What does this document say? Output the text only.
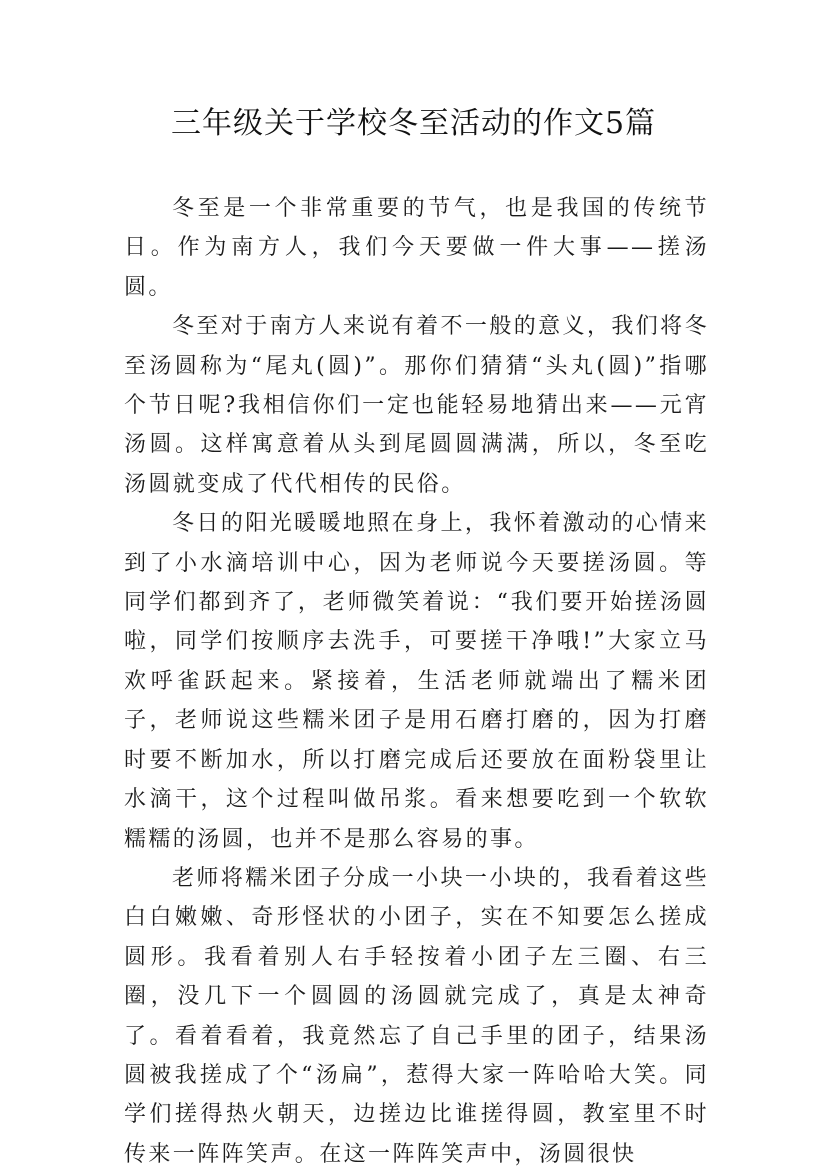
三年级关于学校冬至活动的作文5篇

冬至是一个非常重要的节气，也是我国的传统节日。作为南方人，我们今天要做一件大事——搓汤圆。

冬至对于南方人来说有着不一般的意义，我们将冬至汤圆称为“尾丸(圆)”。那你们猜猜“头丸(圆)”指哪个节日呢?我相信你们一定也能轻易地猜出来——元宵汤圆。这样寓意着从头到尾圆圆满满，所以，冬至吃汤圆就变成了代代相传的民俗。

冬日的阳光暖暖地照在身上，我怀着激动的心情来到了小水滴培训中心，因为老师说今天要搓汤圆。等同学们都到齐了，老师微笑着说：“我们要开始搓汤圆啦，同学们按顺序去洗手，可要搓干净哦!”大家立马欢呼雀跃起来。紧接着，生活老师就端出了糯米团子，老师说这些糯米团子是用石磨打磨的，因为打磨时要不断加水，所以打磨完成后还要放在面粉袋里让水滴干，这个过程叫做吊浆。看来想要吃到一个软软糯糯的汤圆，也并不是那么容易的事。

老师将糯米团子分成一小块一小块的，我看着这些白白嫩嫩、奇形怪状的小团子，实在不知要怎么搓成圆形。我看着别人右手轻按着小团子左三圈、右三圈，没几下一个圆圆的汤圆就完成了，真是太神奇了。看着看着，我竟然忘了自己手里的团子，结果汤圆被我搓成了个“汤扁”，惹得大家一阵哈哈大笑。同学们搓得热火朝天，边搓边比谁搓得圆，教室里不时传来一阵阵笑声。在这一阵阵笑声中，汤圆很快
